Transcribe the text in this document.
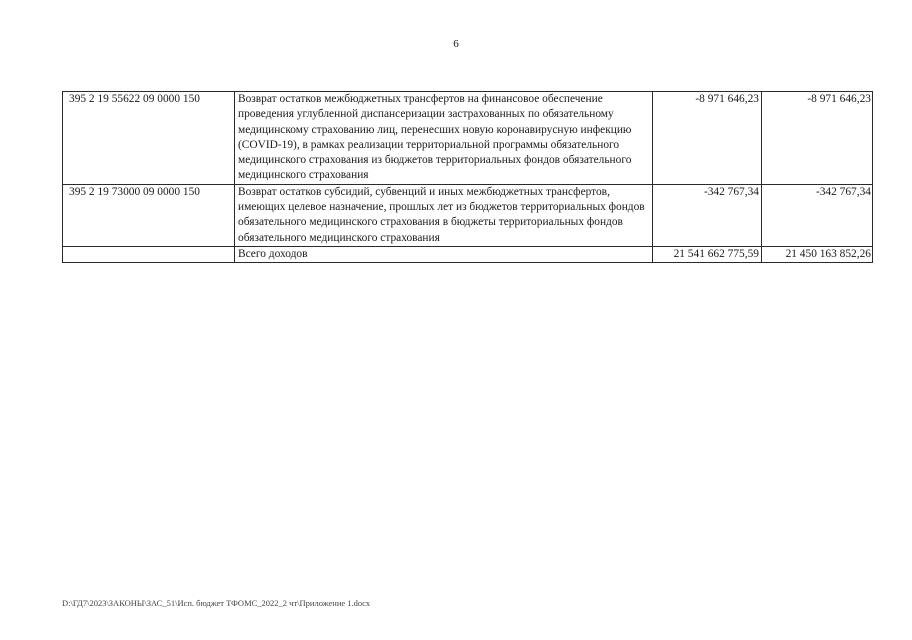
6
395 2 19 55622 09 0000 150	Возврат остатков межбюджетных трансфертов на финансовое обеспечение проведения углубленной диспансеризации застрахованных по обязательному медицинскому страхованию лиц, перенесших новую коронавирусную инфекцию (COVID-19), в рамках реализации территориальной программы обязательного медицинского страхования из бюджетов территориальных фондов обязательного медицинского страхования	-8 971 646,23	-8 971 646,23
395 2 19 73000 09 0000 150	Возврат остатков субсидий, субвенций и иных межбюджетных трансфертов, имеющих целевое назначение, прошлых лет из бюджетов территориальных фондов обязательного медицинского страхования в бюджеты территориальных фондов обязательного медицинского страхования	-342 767,34	-342 767,34
	Всего доходов	21 541 662 775,59	21 450 163 852,26
D:\ГД7\2023\ЗАКОНЫ\ЗАС_51\Исп. бюджет ТФОМС_2022_2 чт\Приложение 1.docx
